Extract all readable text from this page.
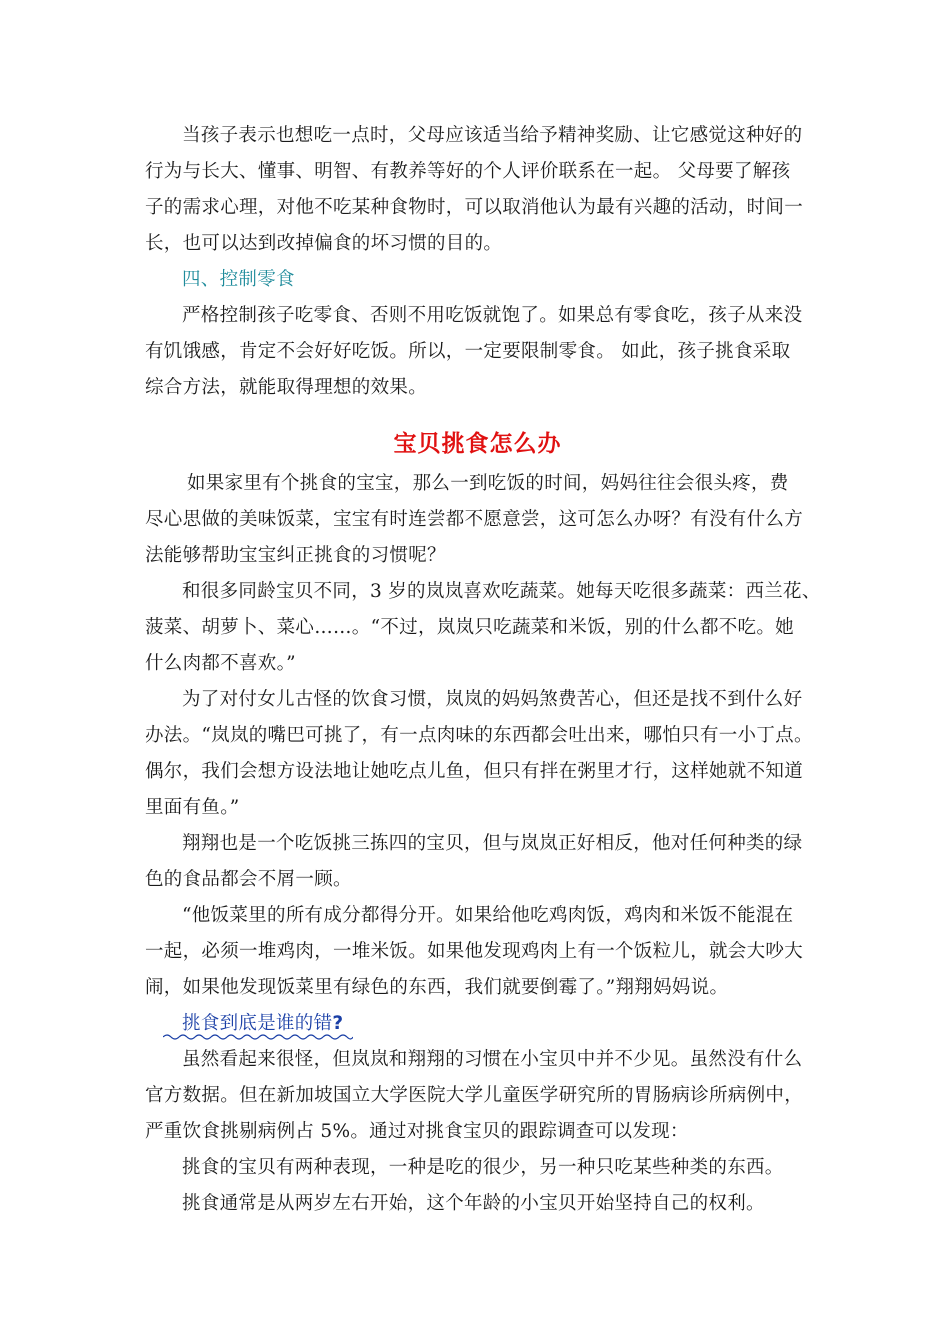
当孩子表示也想吃一点时，父母应该适当给予精神奖励、让它感觉这种好的
行为与长大、懂事、明智、有教养等好的个人评价联系在一起。 父母要了解孩
子的需求心理，对他不吃某种食物时，可以取消他认为最有兴趣的活动，时间一
长，也可以达到改掉偏食的坏习惯的目的。
四、控制零食
严格控制孩子吃零食、否则不用吃饭就饱了。如果总有零食吃，孩子从来没
有饥饿感，肯定不会好好吃饭。所以，一定要限制零食。 如此，孩子挑食采取
综合方法，就能取得理想的效果。
宝贝挑食怎么办
如果家里有个挑食的宝宝，那么一到吃饭的时间，妈妈往往会很头疼，费
尽心思做的美味饭菜，宝宝有时连尝都不愿意尝，这可怎么办呀？有没有什么方
法能够帮助宝宝纠正挑食的习惯呢？
和很多同龄宝贝不同，3 岁的岚岚喜欢吃蔬菜。她每天吃很多蔬菜：西兰花、
菠菜、胡萝卜、菜心……。“不过，岚岚只吃蔬菜和米饭，别的什么都不吃。她
什么肉都不喜欢。”
为了对付女儿古怪的饮食习惯，岚岚的妈妈煞费苦心，但还是找不到什么好
办法。“岚岚的嘴巴可挑了，有一点肉味的东西都会吐出来，哪怕只有一小丁点。
偶尔，我们会想方设法地让她吃点儿鱼，但只有拌在粥里才行，这样她就不知道
里面有鱼。”
翔翔也是一个吃饭挑三拣四的宝贝，但与岚岚正好相反，他对任何种类的绿
色的食品都会不屑一顾。
“他饭菜里的所有成分都得分开。如果给他吃鸡肉饭，鸡肉和米饭不能混在
一起，必须一堆鸡肉，一堆米饭。如果他发现鸡肉上有一个饭粒儿，就会大吵大
闹，如果他发现饭菜里有绿色的东西，我们就要倒霉了。”翔翔妈妈说。
挑食到底是谁的错?
虽然看起来很怪，但岚岚和翔翔的习惯在小宝贝中并不少见。虽然没有什么
官方数据。但在新加坡国立大学医院大学儿童医学研究所的胃肠病诊所病例中，
严重饮食挑剔病例占 5%。通过对挑食宝贝的跟踪调查可以发现：
挑食的宝贝有两种表现，一种是吃的很少，另一种只吃某些种类的东西。
挑食通常是从两岁左右开始，这个年龄的小宝贝开始坚持自己的权利。
